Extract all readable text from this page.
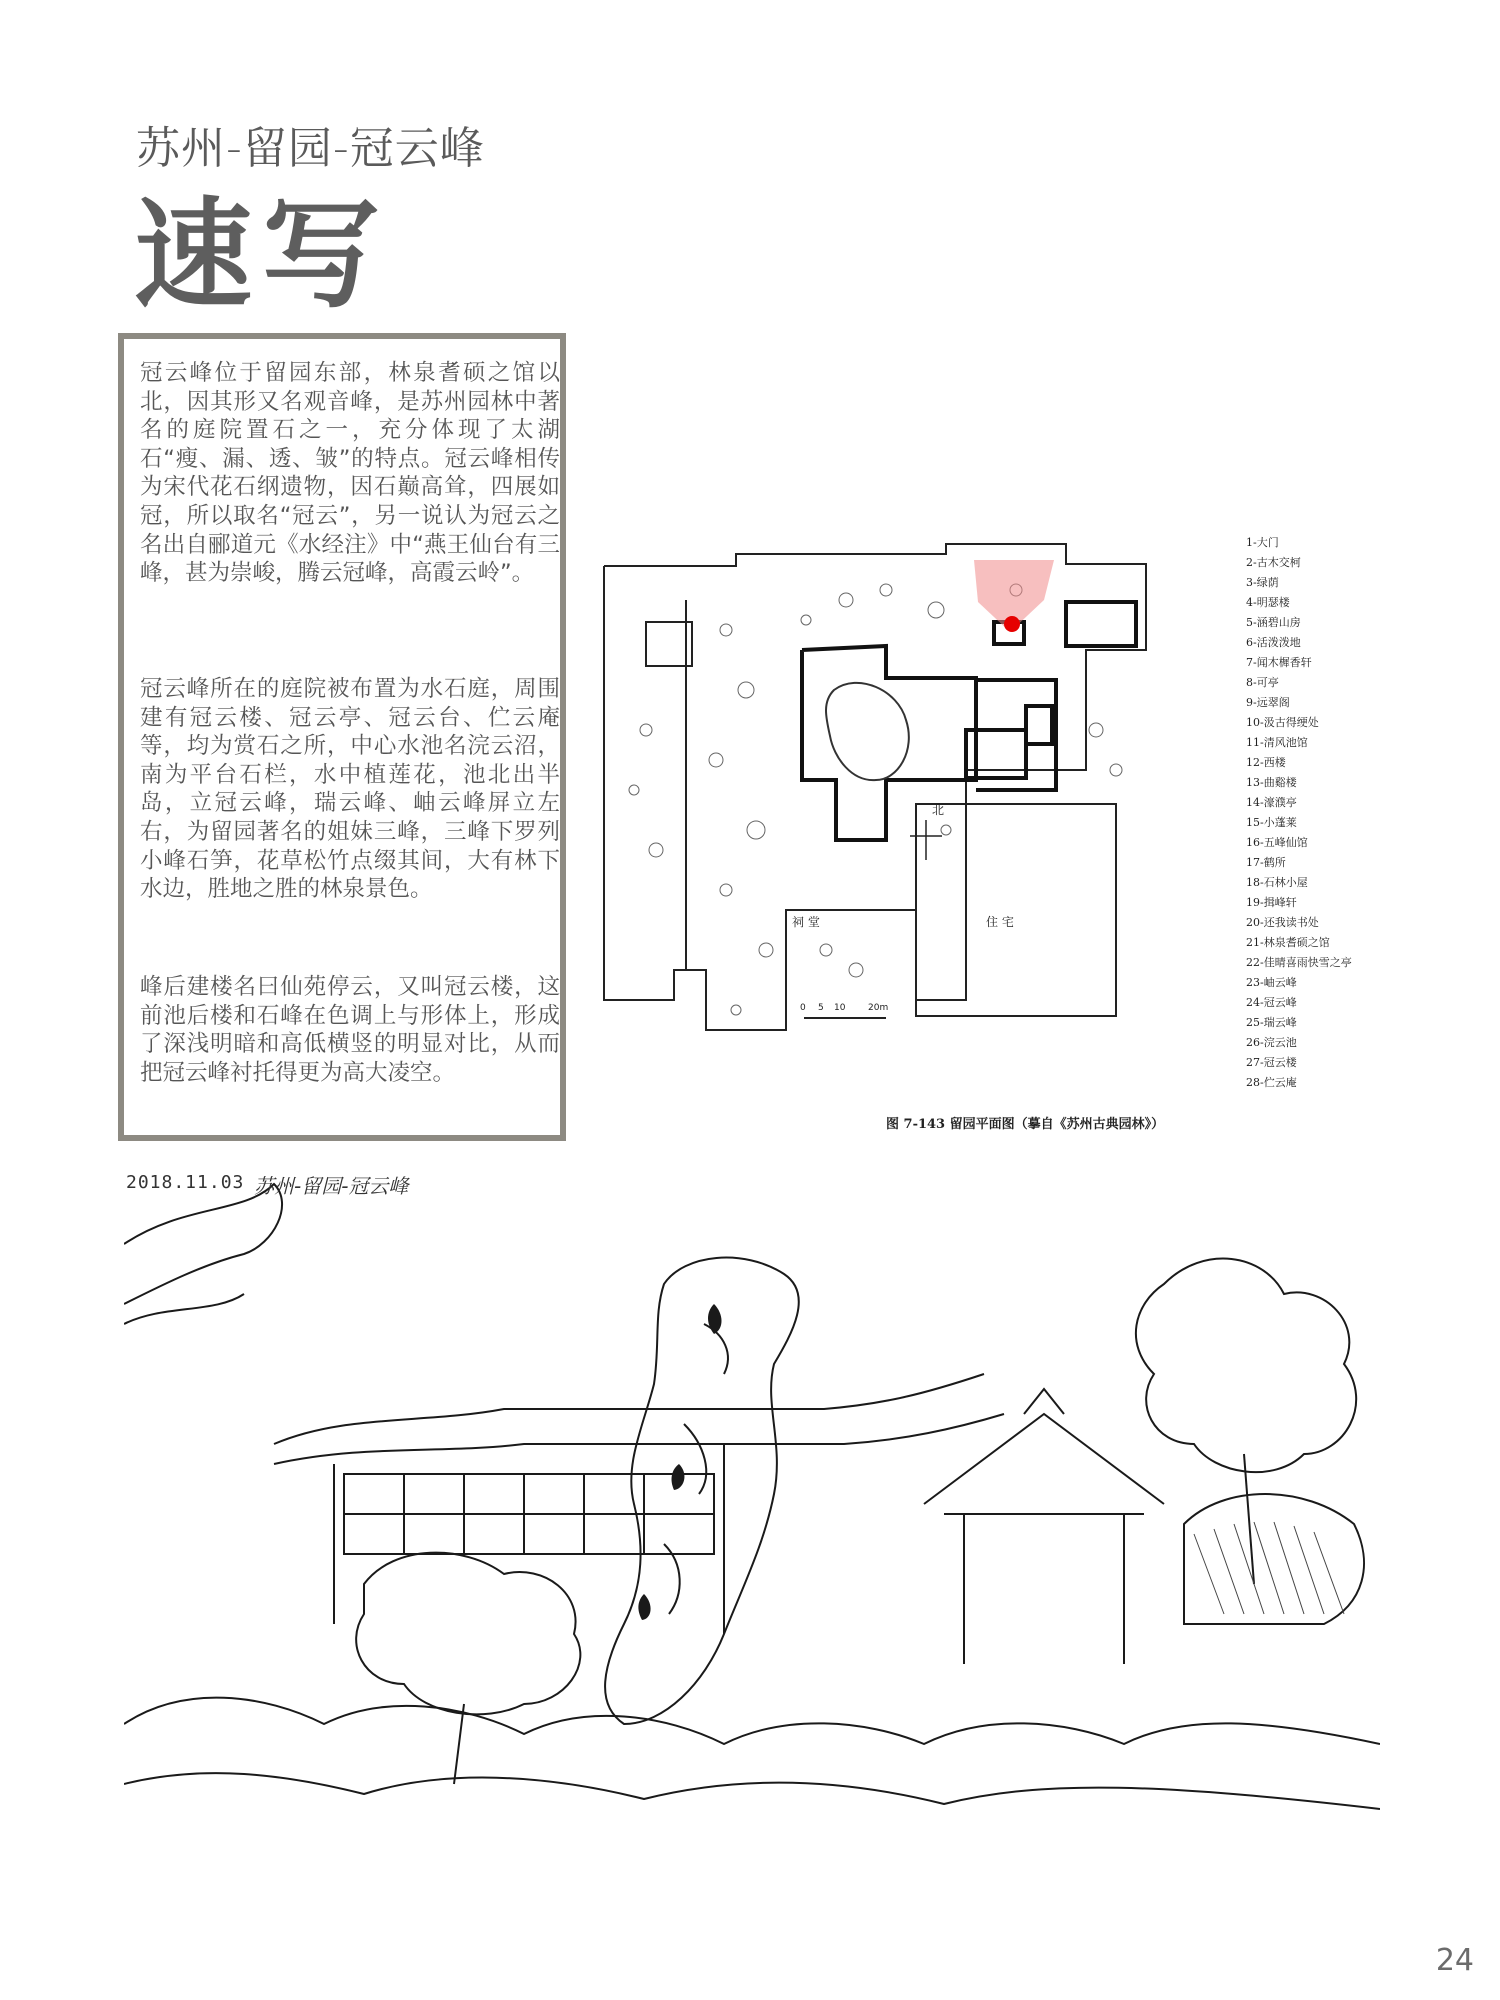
苏州-留园-冠云峰
速写

冠云峰位于留园东部，林泉耆硕之馆以北，因其形又名观音峰，是苏州园林中著名的庭院置石之一，充分体现了太湖石“瘦、漏、透、皱”的特点。冠云峰相传为宋代花石纲遗物，因石巅高耸，四展如冠，所以取名“冠云”，另一说认为冠云之名出自郦道元《水经注》中“燕王仙台有三峰，甚为崇峻，腾云冠峰，高霞云岭”。

冠云峰所在的庭院被布置为水石庭，周围建有冠云楼、冠云亭、冠云台、伫云庵等，均为赏石之所，中心水池名浣云沼，南为平台石栏，水中植莲花，池北出半岛，立冠云峰，瑞云峰、岫云峰屏立左右，为留园著名的姐妹三峰，三峰下罗列小峰石笋，花草松竹点缀其间，大有林下水边，胜地之胜的林泉景色。

峰后建楼名曰仙苑停云，又叫冠云楼，这前池后楼和石峰在色调上与形体上，形成了深浅明暗和高低横竖的明显对比，从而把冠云峰衬托得更为高大凌空。

北
祠 堂	住 宅
0 5 10	20m
1-大门
2-古木交柯
3-绿荫
4-明瑟楼
5-涵碧山房
6-活泼泼地
7-闻木樨香轩
8-可亭
9-远翠阁
10-汲古得绠处
11-清风池馆
12-西楼
13-曲谿楼
14-濠濮亭
15-小蓬莱
16-五峰仙馆
17-鹤所
18-石林小屋
19-揖峰轩
20-还我读书处
21-林泉耆硕之馆
22-佳晴喜雨快雪之亭
23-岫云峰
24-冠云峰
25-瑞云峰
26-浣云池
27-冠云楼
28-伫云庵
图 7-143 留园平面图（摹自《苏州古典园林》）
2018.11.03 苏州-留园-冠云峰
24
